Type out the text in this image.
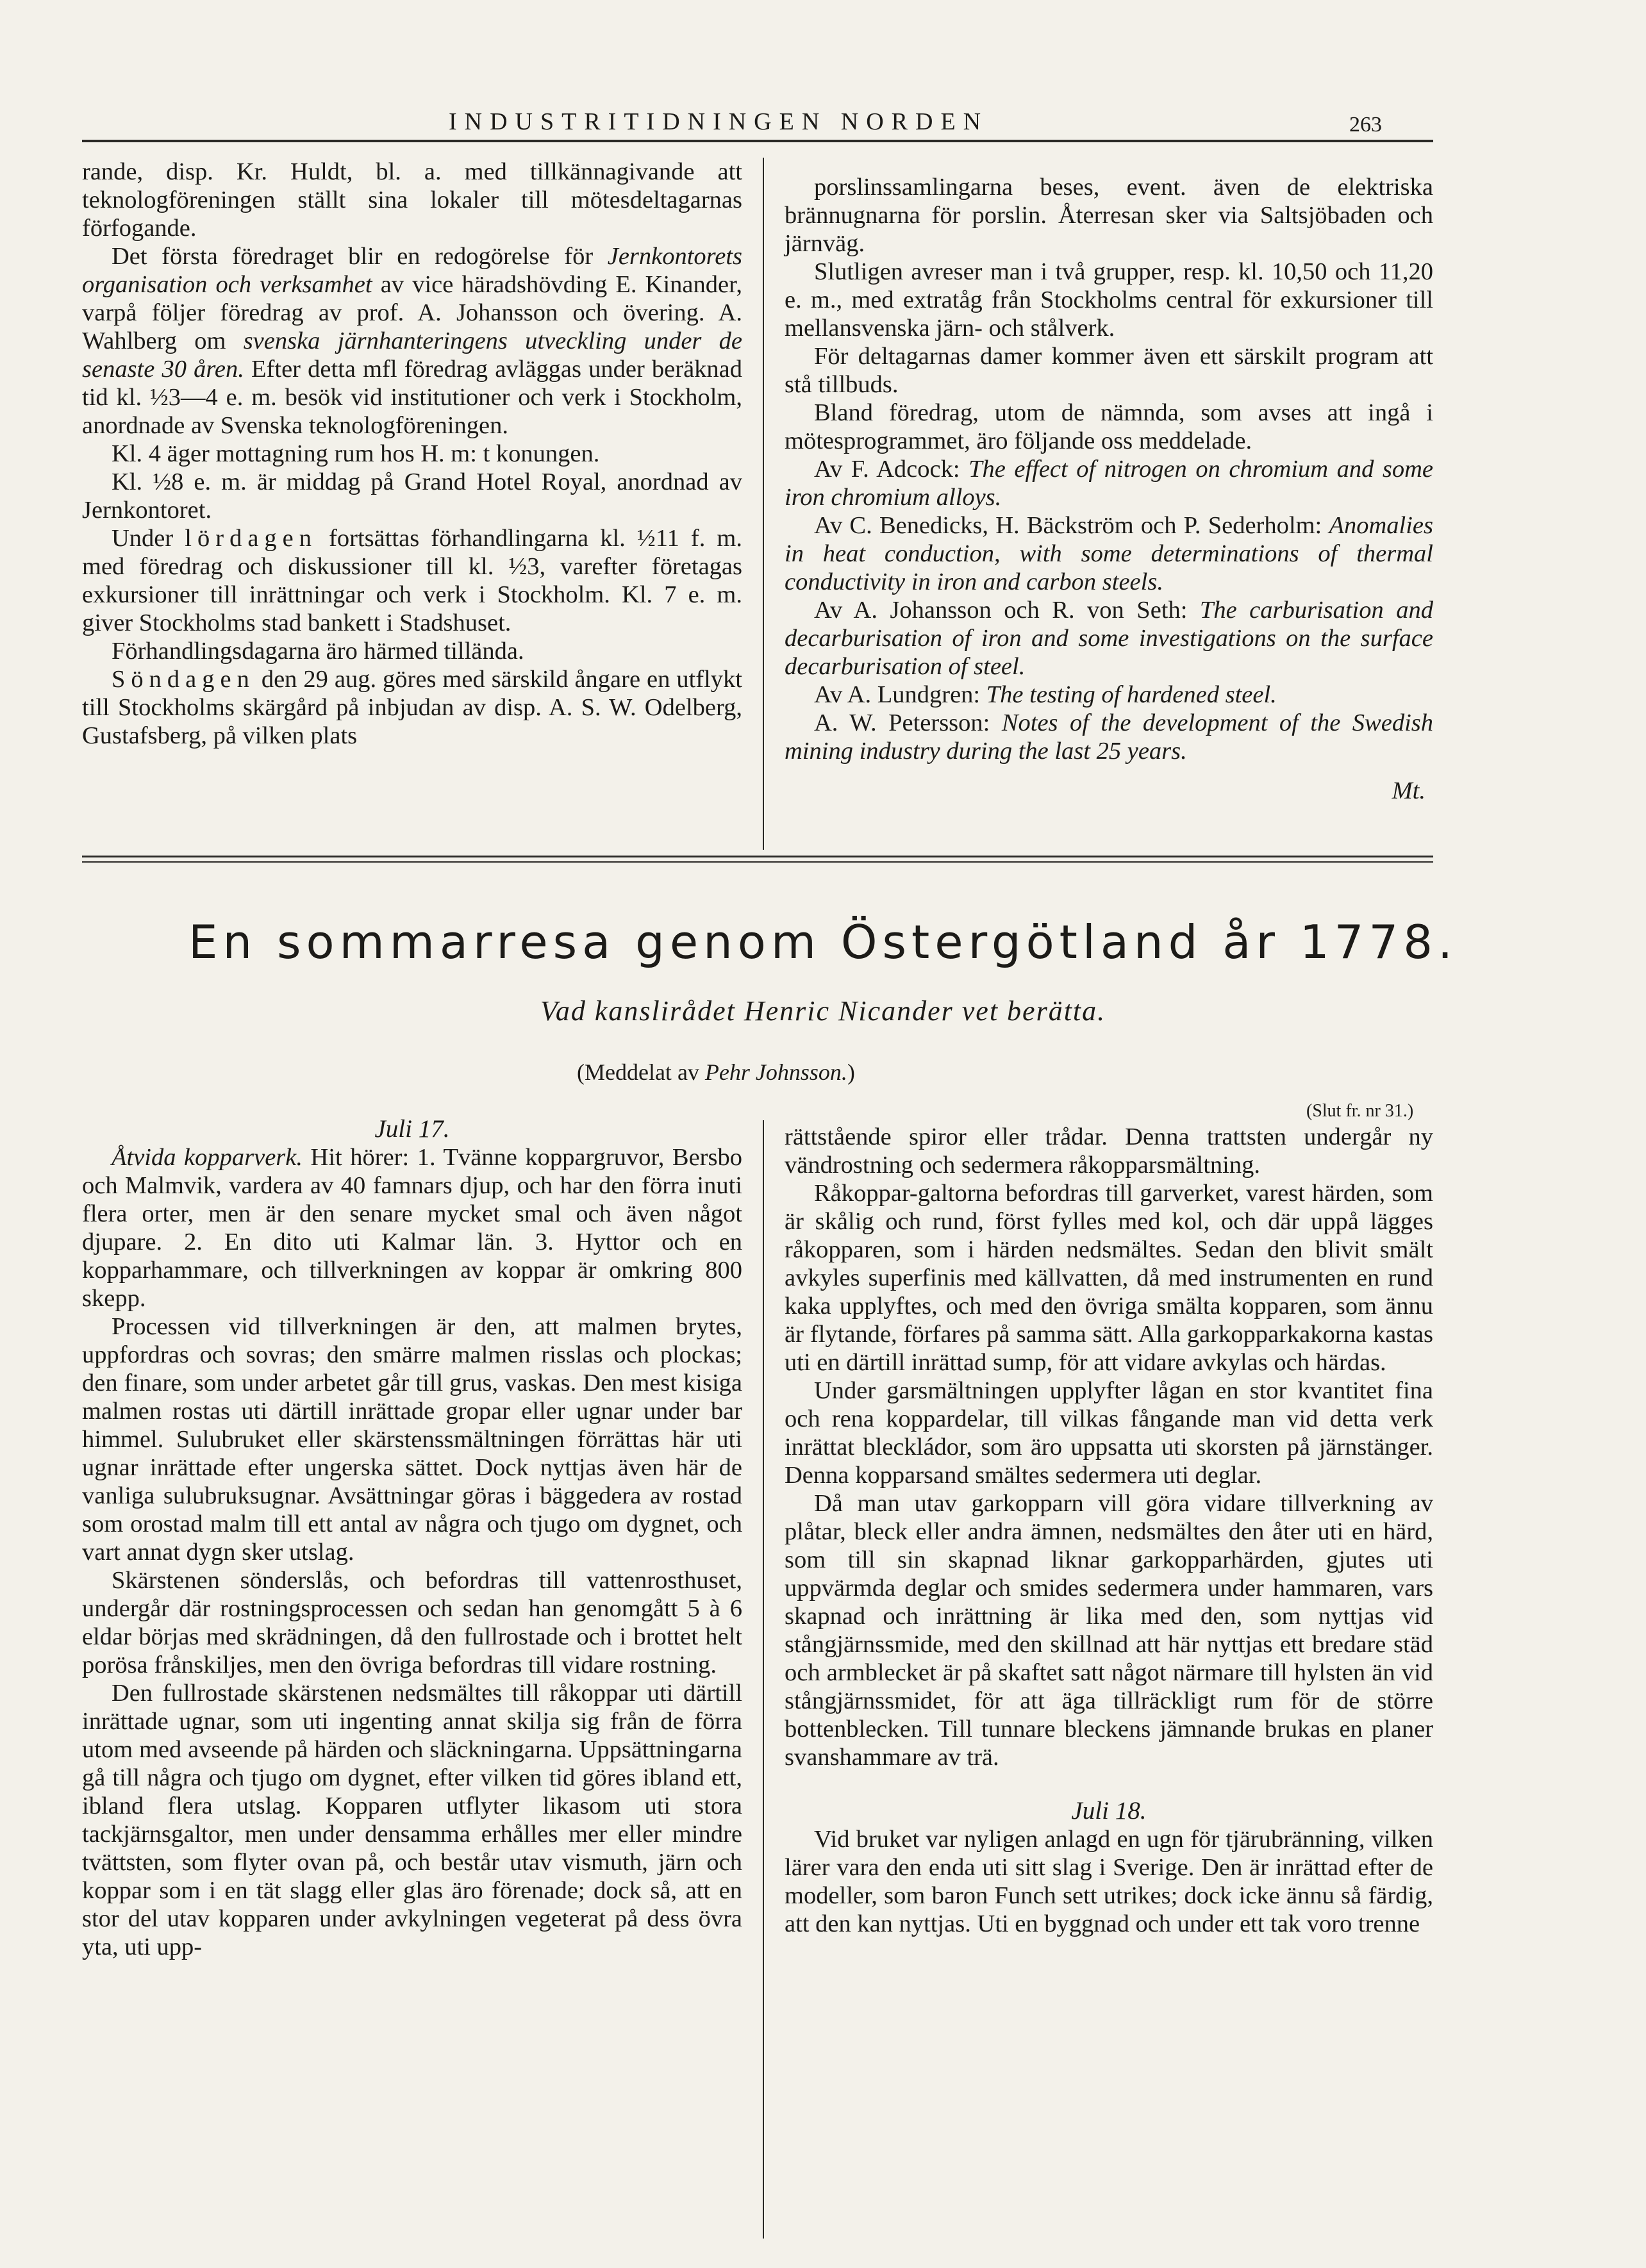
INDUSTRITIDNINGEN NORDEN	263

rande, disp. Kr. Huldt, bl. a. med tillkännagivande att teknologföreningen ställt sina lokaler till mötesdeltagarnas förfogande.

Det första föredraget blir en redogörelse för Jernkontorets organisation och verksamhet av vice häradshövding E. Kinander, varpå följer föredrag av prof. A. Johansson och övering. A. Wahlberg om svenska järnhanteringens utveckling under de senaste 30 åren. Efter detta mfl föredrag avläggas under beräknad tid kl. ½3—4 e. m. besök vid institutioner och verk i Stockholm, anordnade av Svenska teknologföreningen.

Kl. 4 äger mottagning rum hos H. m: t konungen.

Kl. ½8 e. m. är middag på Grand Hotel Royal, anordnad av Jernkontoret.

Under lördagen fortsättas förhandlingarna kl. ½11 f. m. med föredrag och diskussioner till kl. ½3, varefter företagas exkursioner till inrättningar och verk i Stockholm. Kl. 7 e. m. giver Stockholms stad bankett i Stadshuset.

Förhandlingsdagarna äro härmed tilländа.

Söndagen den 29 aug. göres med särskild ångare en utflykt till Stockholms skärgård på inbjudan av disp. A. S. W. Odelberg, Gustafsberg, på vilken plats

porslinssamlingarna beses, event. även de elektriska brännugnarna för porslin. Återresan sker via Saltsjöbaden och järnväg.

Slutligen avreser man i två grupper, resp. kl. 10,50 och 11,20 e. m., med extratåg från Stockholms central för exkursioner till mellansvenska järn- och stålverk.

För deltagarnas damer kommer även ett särskilt program att stå tillbuds.

Bland föredrag, utom de nämnda, som avses att ingå i mötesprogrammet, äro följande oss meddelade.

Av F. Adcock: The effect of nitrogen on chromium and some iron chromium alloys.

Av C. Benedicks, H. Bäckström och P. Sederholm: Anomalies in heat conduction, with some determinations of thermal conductivity in iron and carbon steels.

Av A. Johansson och R. von Seth: The carburisation and decarburisation of iron and some investigations on the surface decarburisation of steel.

Av A. Lundgren: The testing of hardened steel.

A. W. Petersson: Notes of the development of the Swedish mining industry during the last 25 years.

Mt.
En sommarresa genom Östergötland år 1778.
Vad kanslirådet Henric Nicander vet berätta.
(Meddelat av Pehr Johnsson.)
(Slut fr. nr 31.)

Juli 17.

Åtvida kopparverk. Hit hörer: 1. Tvänne koppargruvor, Bersbo och Malmvik, vardera av 40 famnars djup, och har den förra inuti flera orter, men är den senare mycket smal och även något djupare. 2. En dito uti Kalmar län. 3. Hyttor och en kopparhammare, och tillverkningen av koppar är omkring 800 skepp.

Processen vid tillverkningen är den, att malmen brytes, uppfordras och sovras; den smärre malmen risslas och plockas; den finare, som under arbetet går till grus, vaskas. Den mest kisiga malmen rostas uti därtill inrättade gropar eller ugnar under bar himmel. Sulubruket eller skärstenssmältningen förrättas här uti ugnar inrättade efter ungerska sättet. Dock nyttjas även här de vanliga sulubruksugnar. Avsättningar göras i bäggedera av rostad som orostad malm till ett antal av några och tjugo om dygnet, och vart annat dygn sker utslag.

Skärstenen sönderslås, och befordras till vattenrosthuset, undergår där rostningsprocessen och sedan han genomgått 5 à 6 eldar börjas med skrädningen, då den fullrostade och i brottet helt porösa frånskiljes, men den övriga befordras till vidare rostning.

Den fullrostade skärstenen nedsmältes till råkoppar uti därtill inrättade ugnar, som uti ingenting annat skilja sig från de förra utom med avseende på härden och släckningarna. Uppsättningarna gå till några och tjugo om dygnet, efter vilken tid göres ibland ett, ibland flera utslag. Kopparen utflyter likasom uti stora tackjärnsgaltor, men under densamma erhålles mer eller mindre tvättsten, som flyter ovan på, och består utav vismuth, järn och koppar som i en tät slagg eller glas äro förenade; dock så, att en stor del utav kopparen under avkylningen vegeterat på dess övra yta, uti upp-

rättstående spiror eller trådar. Denna trattsten undergår ny vändrostning och sedermera råkopparsmältning.

Råkoppar-galtorna befordras till garverket, varest härden, som är skålig och rund, först fylles med kol, och där uppå lägges råkopparen, som i härden nedsmältes. Sedan den blivit smält avkyles superfinis med källvatten, då med instrumenten en rund kaka upplyftes, och med den övriga smälta kopparen, som ännu är flytande, förfares på samma sätt. Alla garkopparkakorna kastas uti en därtill inrättad sump, för att vidare avkylas och härdas.

Under garsmältningen upplyfter lågan en stor kvantitet fina och rena koppardelar, till vilkas fångande man vid detta verk inrättat bleckládor, som äro uppsatta uti skorsten på järnstänger. Denna kopparsand smältes sedermera uti deglar.

Då man utav garkopparn vill göra vidare tillverkning av plåtar, bleck eller andra ämnen, nedsmältes den åter uti en härd, som till sin skapnad liknar garkopparhärden, gjutes uti uppvärmda deglar och smides sedermera under hammaren, vars skapnad och inrättning är lika med den, som nyttjas vid stångjärnssmide, med den skillnad att här nyttjas ett bredare städ och armblecket är på skaftet satt något närmare till hylsten än vid stångjärnssmidet, för att äga tillräckligt rum för de större bottenblecken. Till tunnare bleckens jämnande brukas en planer svanshammare av trä.

Juli 18.

Vid bruket var nyligen anlagd en ugn för tjärubränning, vilken lärer vara den enda uti sitt slag i Sverige. Den är inrättad efter de modeller, som baron Funch sett utrikes; dock icke ännu så färdig, att den kan nyttjas. Uti en byggnad och under ett tak voro trenne
